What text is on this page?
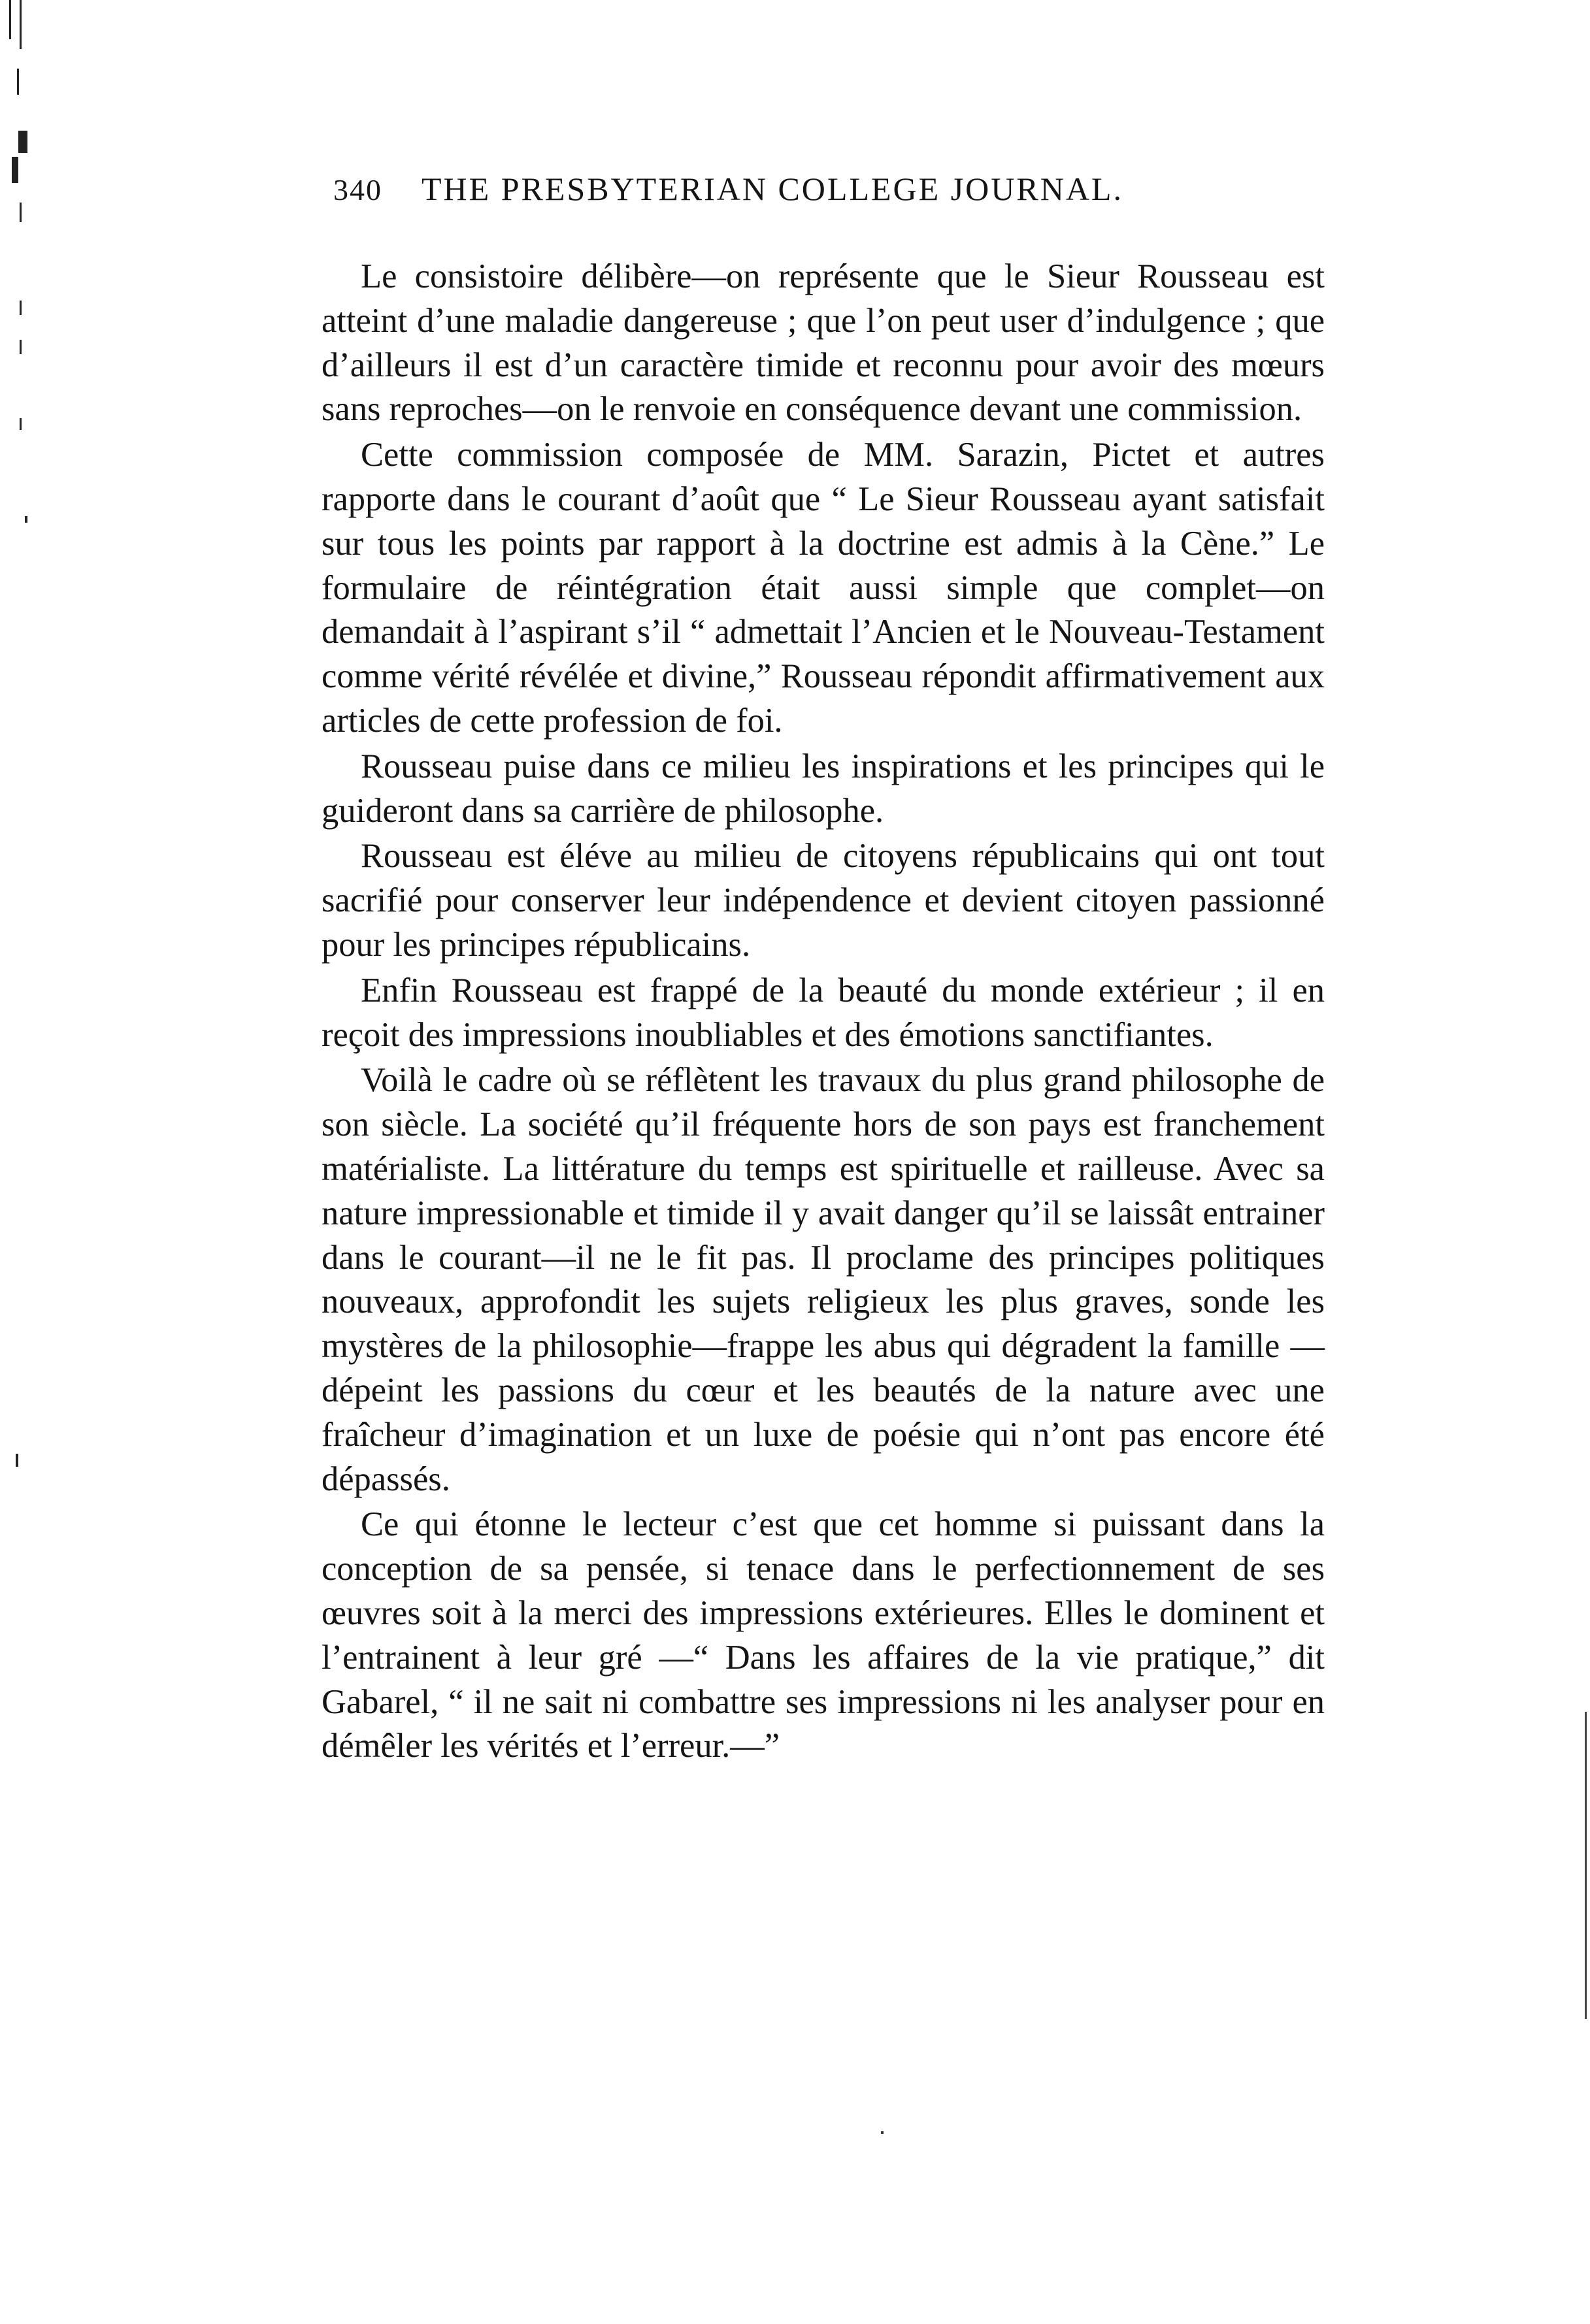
340 THE PRESBYTERIAN COLLEGE JOURNAL.

Le consistoire délibère—on représente que le Sieur Rousseau est atteint d’une maladie dangereuse ; que l’on peut user d’indulgence ; que d’ailleurs il est d’un caractère timide et reconnu pour avoir des mœurs sans reproches—on le renvoie en conséquence devant une commission.

Cette commission composée de MM. Sarazin, Pictet et autres rapporte dans le courant d’août que “ Le Sieur Rousseau ayant satisfait sur tous les points par rapport à la doctrine est admis à la Cène.” Le formulaire de réintégration était aussi simple que complet—on demandait à l’aspirant s’il “ admettait l’Ancien et le Nouveau-Testament comme vérité révélée et divine,” Rousseau répondit affirmativement aux articles de cette profession de foi.

Rousseau puise dans ce milieu les inspirations et les principes qui le guideront dans sa carrière de philosophe.

Rousseau est éléve au milieu de citoyens républicains qui ont tout sacrifié pour conserver leur indépendence et devient citoyen passionné pour les principes républicains.

Enfin Rousseau est frappé de la beauté du monde extérieur ; il en reçoit des impressions inoubliables et des émotions sanctifiantes.

Voilà le cadre où se réflètent les travaux du plus grand philosophe de son siècle. La société qu’il fréquente hors de son pays est franchement matérialiste. La littérature du temps est spirituelle et railleuse. Avec sa nature impressionable et timide il y avait danger qu’il se laissât entrainer dans le courant—il ne le fit pas. Il proclame des principes politiques nouveaux, approfondit les sujets religieux les plus graves, sonde les mystères de la philosophie—frappe les abus qui dégradent la famille — dépeint les passions du cœur et les beautés de la nature avec une fraîcheur d’imagination et un luxe de poésie qui n’ont pas encore été dépassés.

Ce qui étonne le lecteur c’est que cet homme si puissant dans la conception de sa pensée, si tenace dans le perfectionnement de ses œuvres soit à la merci des impressions extérieures. Elles le dominent et l’entrainent à leur gré —“ Dans les affaires de la vie pratique,” dit Gabarel, “ il ne sait ni combattre ses impressions ni les analyser pour en démêler les vérités et l’erreur.—”
